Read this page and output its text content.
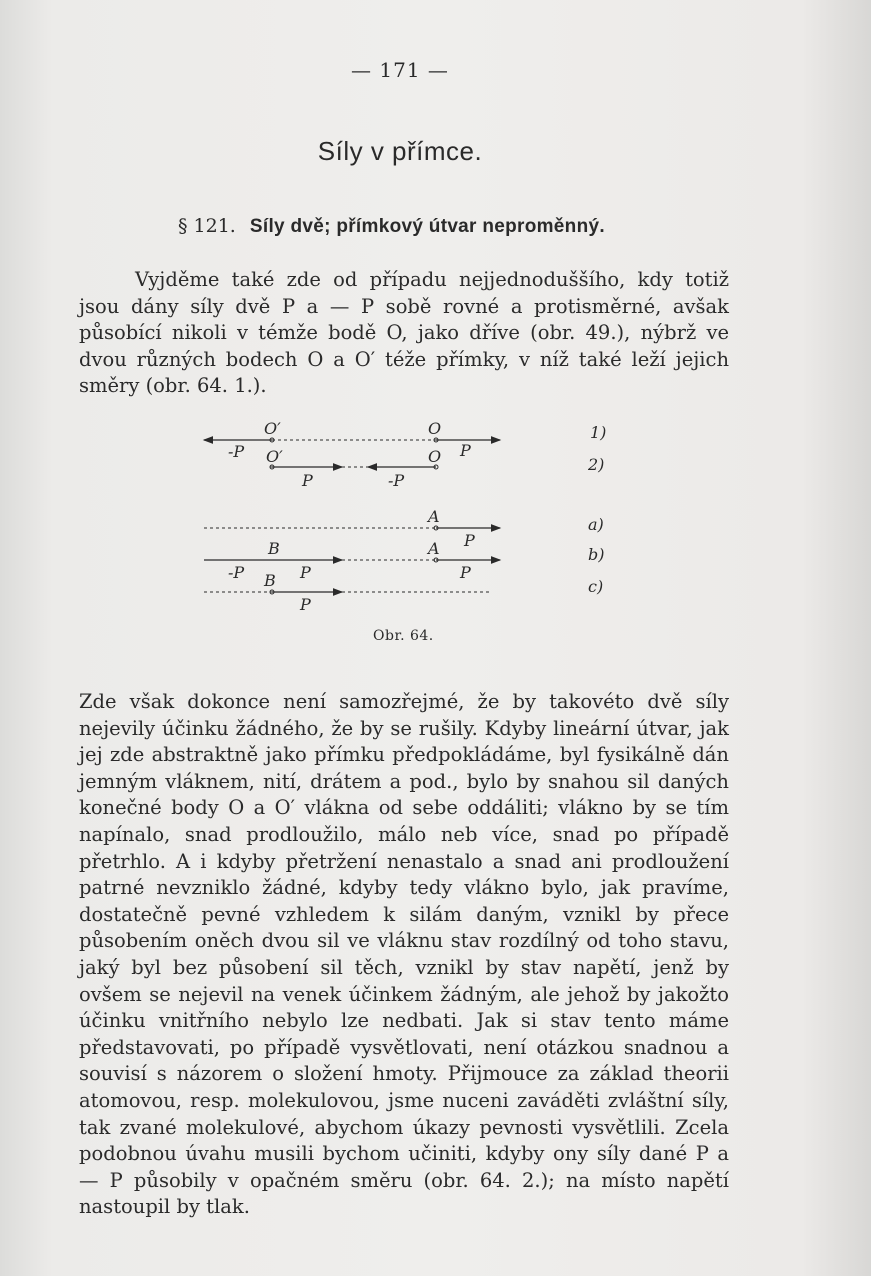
— 171 —
Síly v přímce.
§ 121. Síly dvě; přímkový útvar neproměnný.
Vyjděme také zde od případu nejjednoduššího, kdy totiž jsou dány síly dvě P a — P sobě rovné a protisměrné, avšak působící nikoli v témže bodě O, jako dříve (obr. 49.), nýbrž ve dvou různých bodech O a O′ téže přímky, v níž také leží jejich směry (obr. 64. 1.).
O′	O
-P O′	O P
P	-P
A
B	A P
-P B P	P
P
1)
2)
a)
b)
c)
Obr. 64.
Zde však dokonce není samozřejmé, že by takovéto dvě síly nejevily účinku žádného, že by se rušily. Kdyby lineární útvar, jak jej zde abstraktně jako přímku předpokládáme, byl fysikálně dán jemným vláknem, nití, drátem a pod., bylo by snahou sil daných konečné body O a O′ vlákna od sebe oddáliti; vlákno by se tím napínalo, snad prodloužilo, málo neb více, snad po případě přetrhlo. A i kdyby přetržení nenastalo a snad ani prodloužení patrné nevzniklo žádné, kdyby tedy vlákno bylo, jak pravíme, dostatečně pevné vzhledem k silám daným, vznikl by přece působením oněch dvou sil ve vláknu stav rozdílný od toho stavu, jaký byl bez působení sil těch, vznikl by stav napětí, jenž by ovšem se nejevil na venek účinkem žádným, ale jehož by jakožto účinku vnitřního nebylo lze nedbati. Jak si stav tento máme představovati, po případě vysvětlovati, není otázkou snadnou a souvisí s názorem o složení hmoty. Přijmouce za základ theorii atomovou, resp. molekulovou, jsme nuceni zaváděti zvláštní síly, tak zvané molekulové, abychom úkazy pevnosti vysvětlili. Zcela podobnou úvahu musili bychom učiniti, kdyby ony síly dané P a — P působily v opačném směru (obr. 64. 2.); na místo napětí nastoupil by tlak.
